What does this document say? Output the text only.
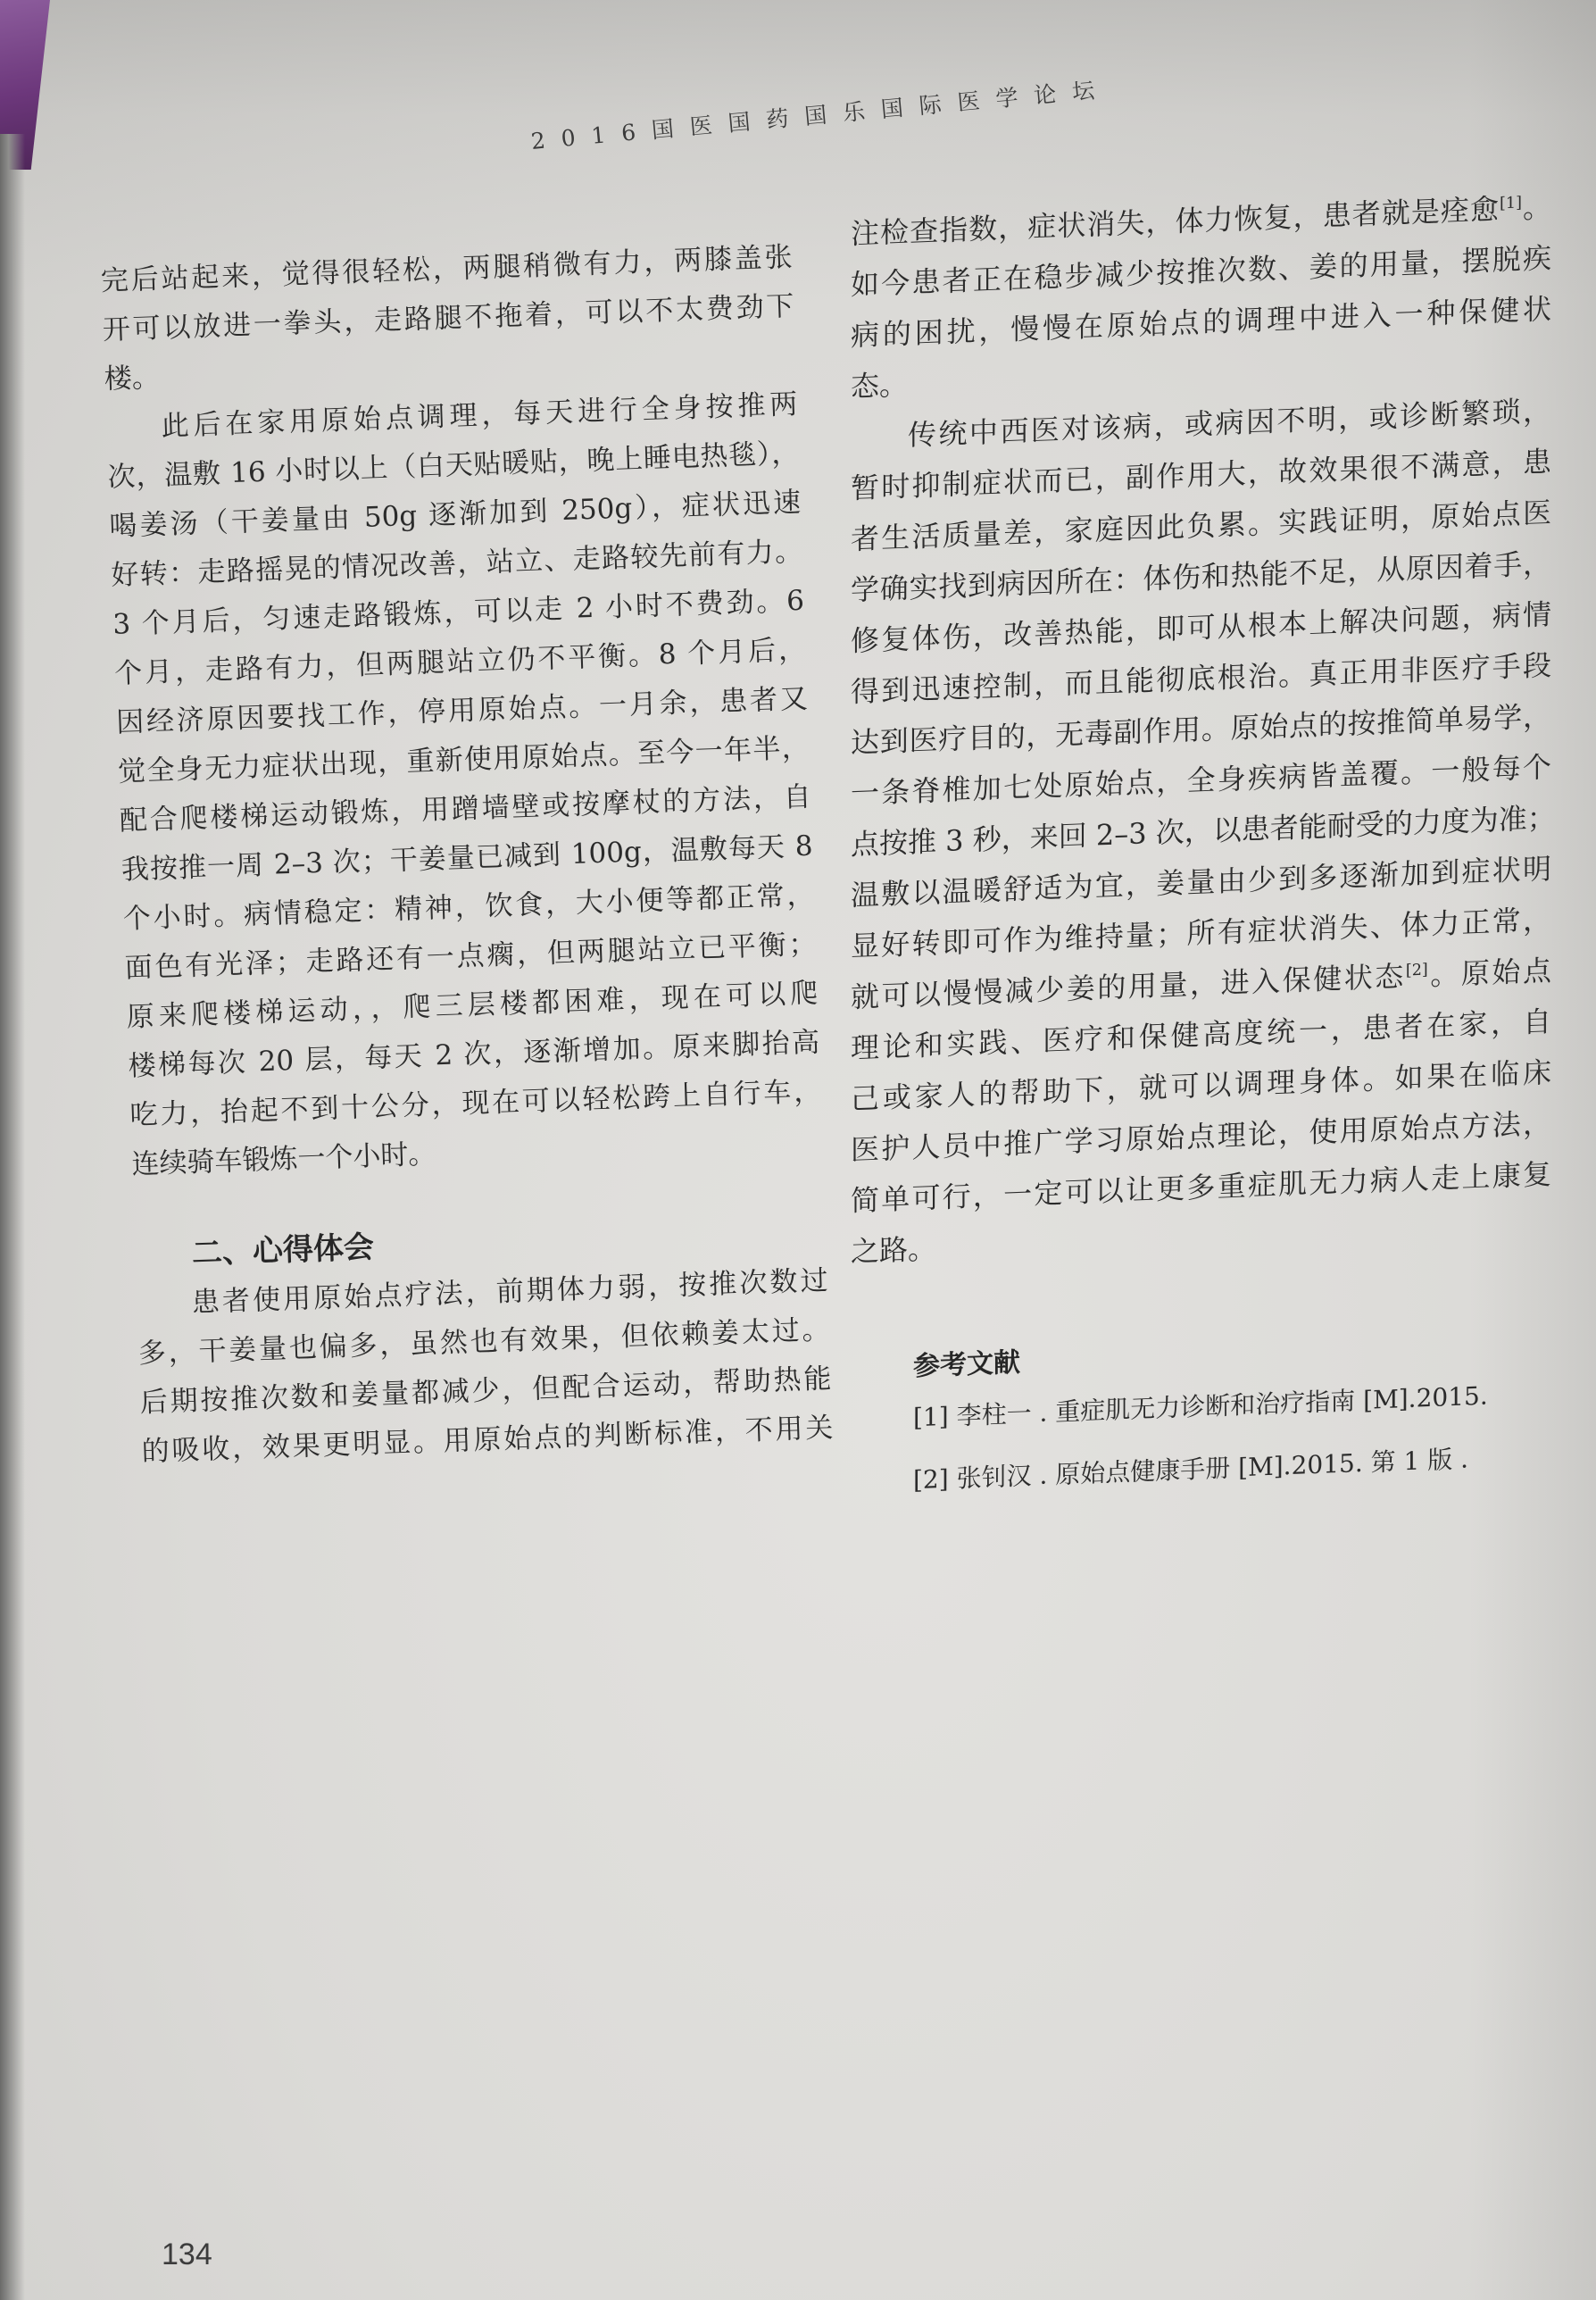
2016国医国药国乐国际医学论坛
完后站起来，觉得很轻松，两腿稍微有力，两膝盖张
开可以放进一拳头，走路腿不拖着，可以不太费劲下
楼。
此后在家用原始点调理，每天进行全身按推两
次，温敷 16 小时以上（白天贴暖贴，晚上睡电热毯），
喝姜汤（干姜量由 50g 逐渐加到 250g），症状迅速
好转：走路摇晃的情况改善，站立、走路较先前有力。
3 个月后，匀速走路锻炼，可以走 2 小时不费劲。6
个月，走路有力，但两腿站立仍不平衡。8 个月后，
因经济原因要找工作，停用原始点。一月余，患者又
觉全身无力症状出现，重新使用原始点。至今一年半，
配合爬楼梯运动锻炼，用蹭墙壁或按摩杖的方法，自
我按推一周 2–3 次；干姜量已减到 100g，温敷每天 8
个小时。病情稳定：精神，饮食，大小便等都正常，
面色有光泽；走路还有一点瘸，但两腿站立已平衡；
原来爬楼梯运动，，爬三层楼都困难，现在可以爬
楼梯每次 20 层，每天 2 次，逐渐增加。原来脚抬高
吃力，抬起不到十公分，现在可以轻松跨上自行车，
连续骑车锻炼一个小时。
二、心得体会
患者使用原始点疗法，前期体力弱，按推次数过
多，干姜量也偏多，虽然也有效果，但依赖姜太过。
后期按推次数和姜量都减少，但配合运动，帮助热能
的吸收，效果更明显。用原始点的判断标准，不用关
注检查指数，症状消失，体力恢复，患者就是痊愈[1]。
如今患者正在稳步减少按推次数、姜的用量，摆脱疾
病的困扰，慢慢在原始点的调理中进入一种保健状
态。
传统中西医对该病，或病因不明，或诊断繁琐，
暂时抑制症状而已，副作用大，故效果很不满意，患
者生活质量差，家庭因此负累。实践证明，原始点医
学确实找到病因所在：体伤和热能不足，从原因着手，
修复体伤，改善热能，即可从根本上解决问题，病情
得到迅速控制，而且能彻底根治。真正用非医疗手段
达到医疗目的，无毒副作用。原始点的按推简单易学，
一条脊椎加七处原始点，全身疾病皆盖覆。一般每个
点按推 3 秒，来回 2–3 次，以患者能耐受的力度为准；
温敷以温暖舒适为宜，姜量由少到多逐渐加到症状明
显好转即可作为维持量；所有症状消失、体力正常，
就可以慢慢减少姜的用量，进入保健状态[2]。原始点
理论和实践、医疗和保健高度统一，患者在家，自
己或家人的帮助下，就可以调理身体。如果在临床
医护人员中推广学习原始点理论，使用原始点方法，
简单可行，一定可以让更多重症肌无力病人走上康复
之路。
参考文献
[1] 李柱一 . 重症肌无力诊断和治疗指南 [M].2015.
[2] 张钊汉 . 原始点健康手册 [M].2015. 第 1 版 .
134
